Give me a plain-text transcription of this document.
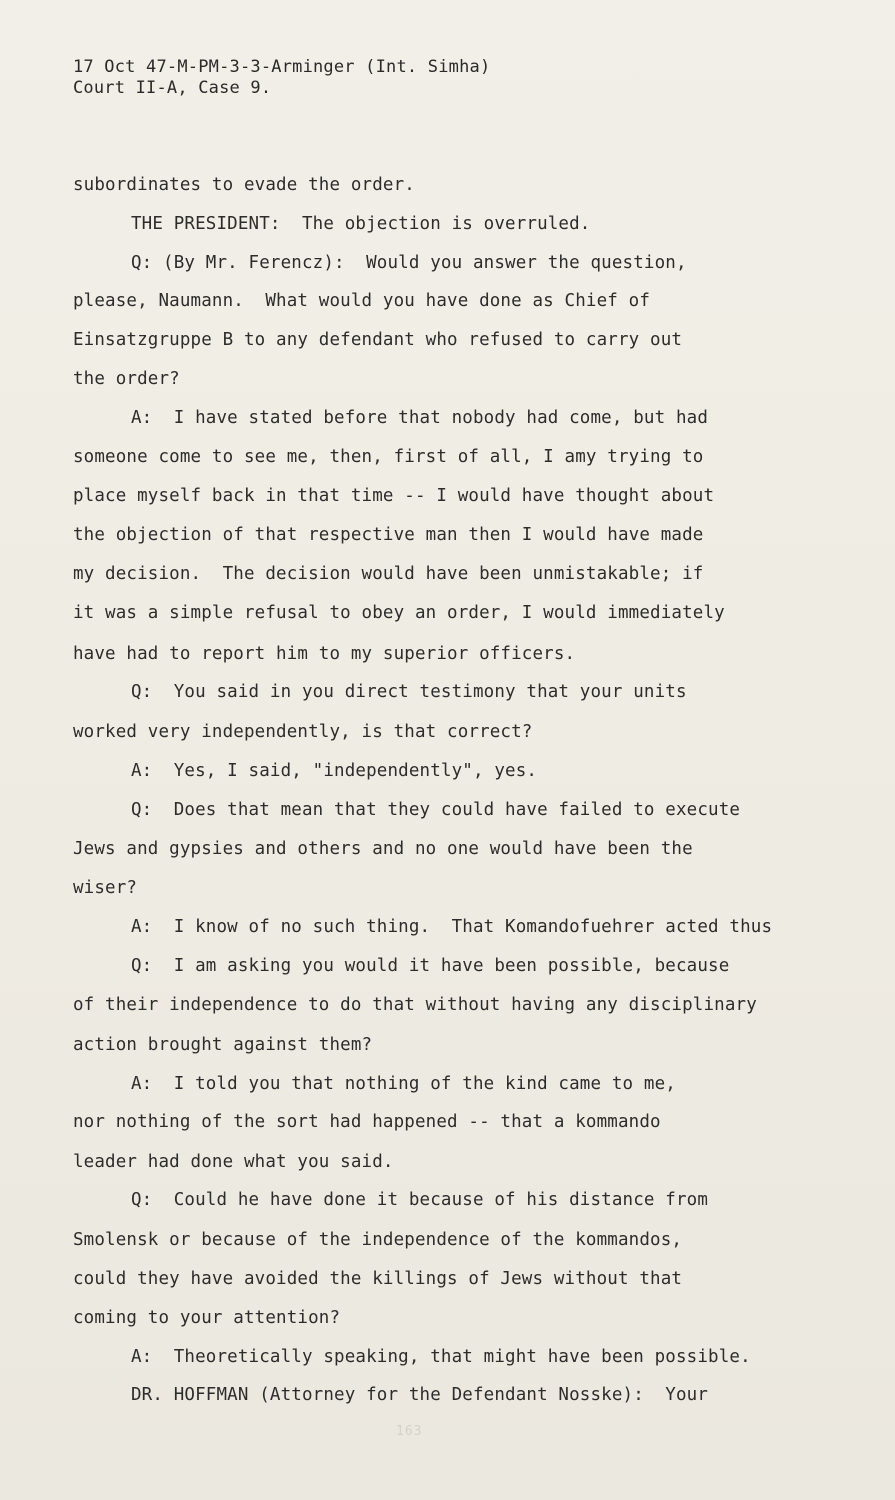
17 Oct 47-M-PM-3-3-Arminger (Int. Simha)
Court II-A, Case 9.
subordinates to evade the order.
THE PRESIDENT:  The objection is overruled.
Q: (By Mr. Ferencz):  Would you answer the question,
please, Naumann.  What would you have done as Chief of
Einsatzgruppe B to any defendant who refused to carry out
the order?
A:  I have stated before that nobody had come, but had
someone come to see me, then, first of all, I amy trying to
place myself back in that time -- I would have thought about
the objection of that respective man then I would have made
my decision.  The decision would have been unmistakable; if
it was a simple refusal to obey an order, I would immediately
have had to report him to my superior officers.
Q:  You said in you direct testimony that your units
worked very independently, is that correct?
A:  Yes, I said, "independently", yes.
Q:  Does that mean that they could have failed to execute
Jews and gypsies and others and no one would have been the
wiser?
A:  I know of no such thing.  That Komandofuehrer acted thus
Q:  I am asking you would it have been possible, because
of their independence to do that without having any disciplinary
action brought against them?
A:  I told you that nothing of the kind came to me,
nor nothing of the sort had happened -- that a kommando
leader had done what you said.
Q:  Could he have done it because of his distance from
Smolensk or because of the independence of the kommandos,
could they have avoided the killings of Jews without that
coming to your attention?
A:  Theoretically speaking, that might have been possible.
DR. HOFFMAN (Attorney for the Defendant Nosske):  Your
163
